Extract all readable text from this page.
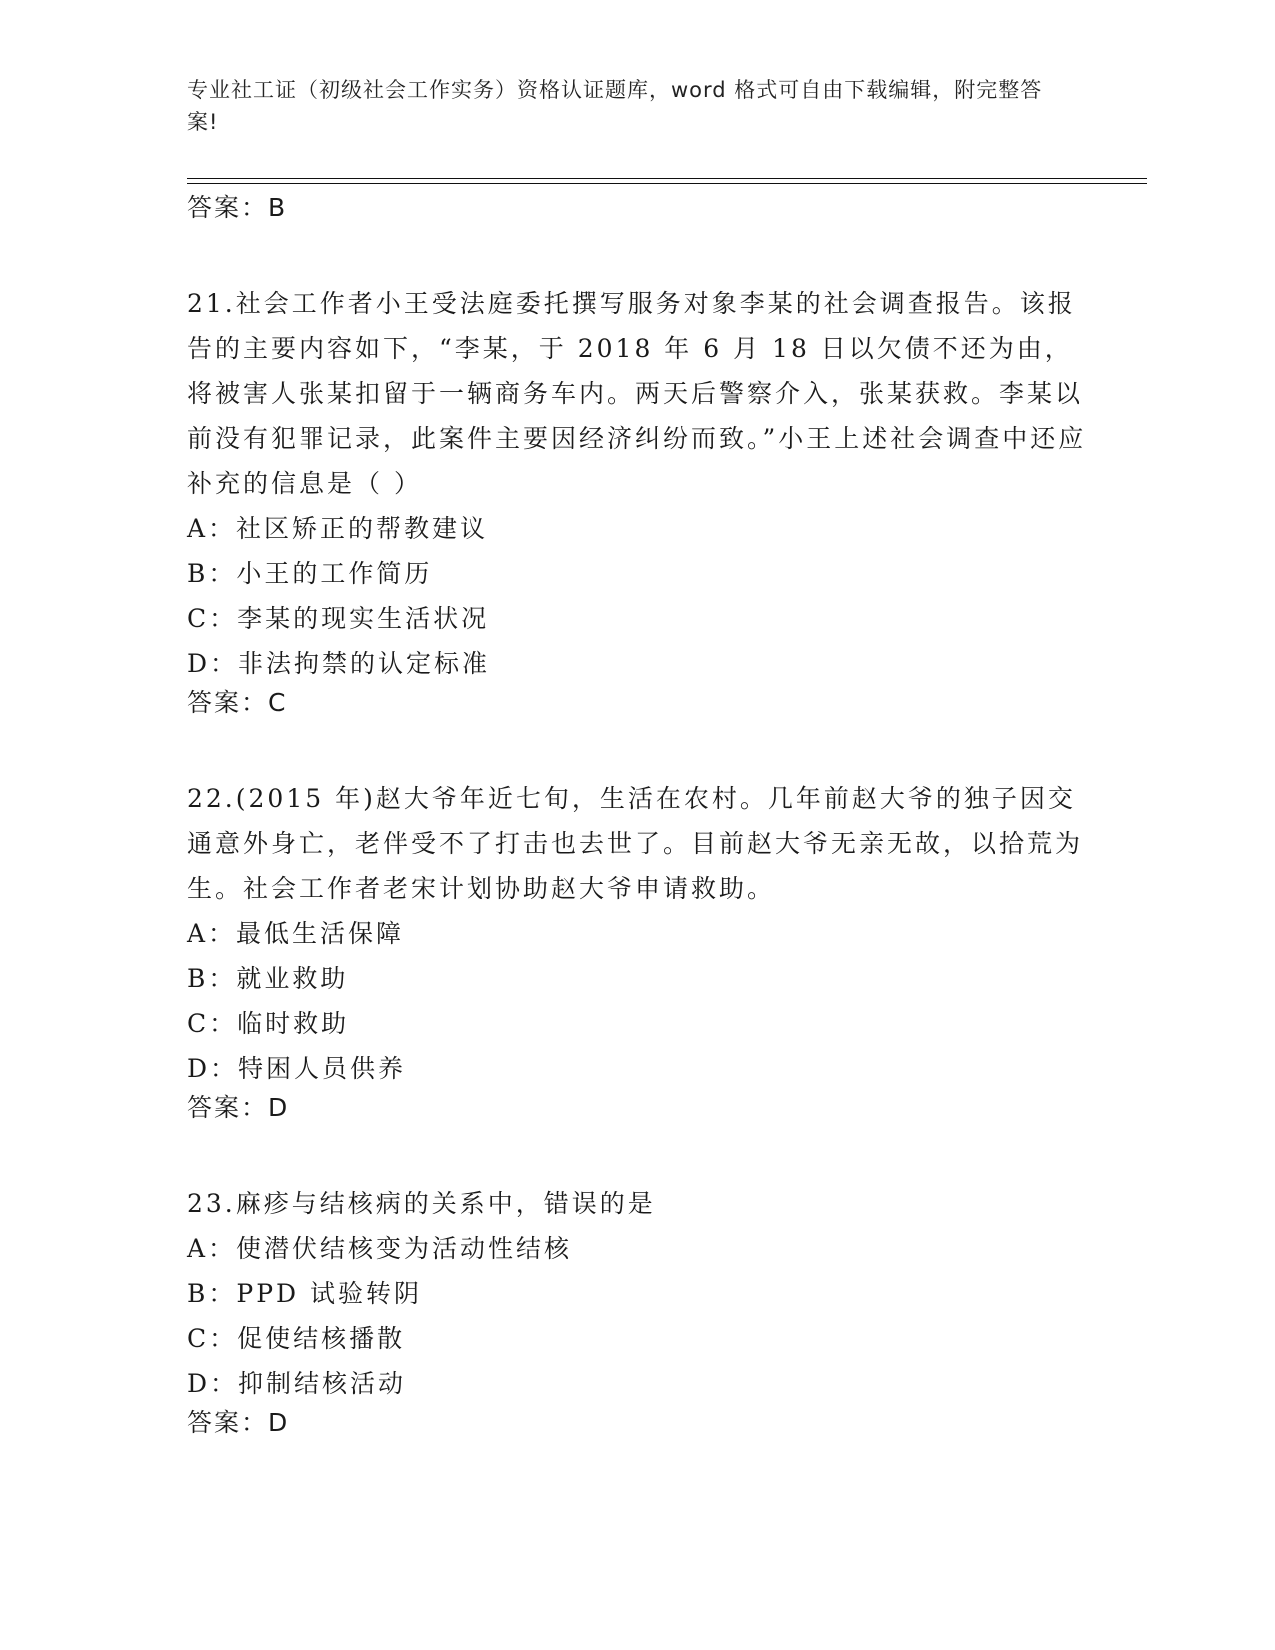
专业社工证（初级社会工作实务）资格认证题库，word 格式可自由下载编辑，附完整答案!

答案：B

21.社会工作者小王受法庭委托撰写服务对象李某的社会调查报告。该报告的主要内容如下，“李某，于 2018 年 6 月 18 日以欠债不还为由，将被害人张某扣留于一辆商务车内。两天后警察介入，张某获救。李某以前没有犯罪记录，此案件主要因经济纠纷而致。”小王上述社会调查中还应补充的信息是（ ）

A：社区矫正的帮教建议

B：小王的工作简历

C：李某的现实生活状况

D：非法拘禁的认定标准

答案：C

22.(2015 年)赵大爷年近七旬，生活在农村。几年前赵大爷的独子因交通意外身亡，老伴受不了打击也去世了。目前赵大爷无亲无故，以拾荒为生。社会工作者老宋计划协助赵大爷申请救助。

A：最低生活保障

B：就业救助

C：临时救助

D：特困人员供养

答案：D

23.麻疹与结核病的关系中，错误的是

A：使潜伏结核变为活动性结核

B：PPD 试验转阴

C：促使结核播散

D：抑制结核活动

答案：D
